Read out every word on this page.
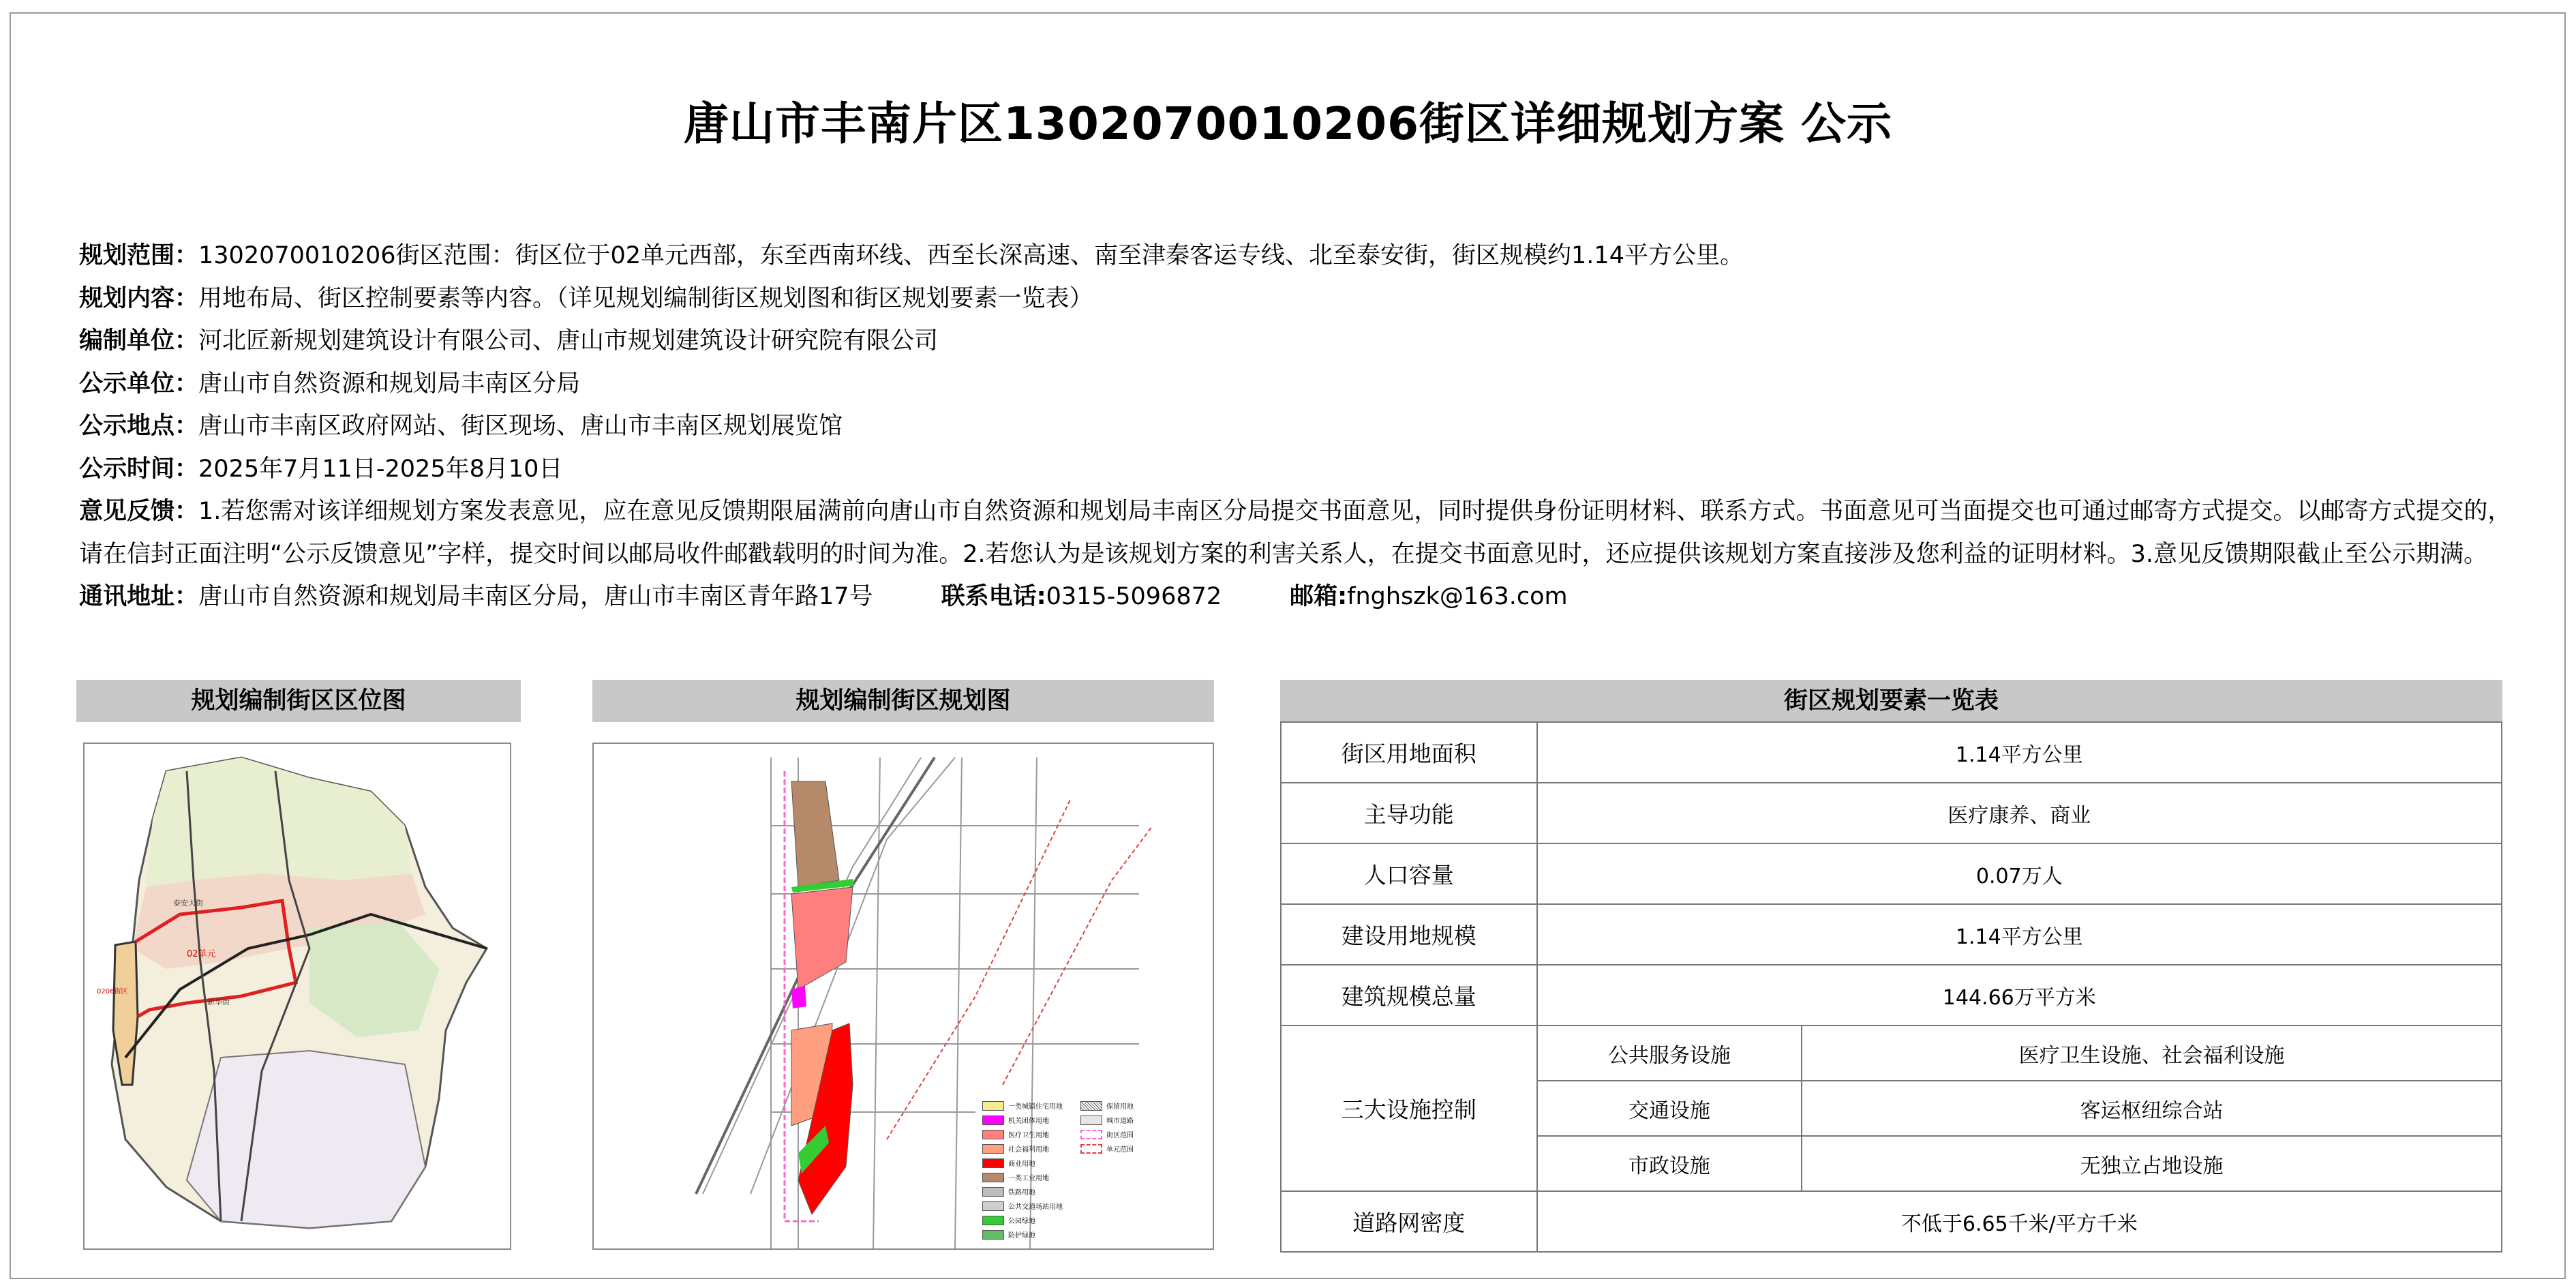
唐山市丰南片区1302070010206街区详细规划方案 公示
规划范围：1302070010206街区范围：街区位于02单元西部，东至西南环线、西至长深高速、南至津秦客运专线、北至泰安街，街区规模约1.14平方公里。
规划内容：用地布局、街区控制要素等内容。（详见规划编制街区规划图和街区规划要素一览表）
编制单位：河北匠新规划建筑设计有限公司、唐山市规划建筑设计研究院有限公司
公示单位：唐山市自然资源和规划局丰南区分局
公示地点：唐山市丰南区政府网站、街区现场、唐山市丰南区规划展览馆
公示时间：2025年7月11日-2025年8月10日
意见反馈：1.若您需对该详细规划方案发表意见，应在意见反馈期限届满前向唐山市自然资源和规划局丰南区分局提交书面意见，同时提供身份证明材料、联系方式。书面意见可当面提交也可通过邮寄方式提交。以邮寄方式提交的，
请在信封正面注明“公示反馈意见”字样，提交时间以邮局收件邮戳载明的时间为准。2.若您认为是该规划方案的利害关系人，在提交书面意见时，还应提供该规划方案直接涉及您利益的证明材料。3.意见反馈期限截止至公示期满。
通讯地址：唐山市自然资源和规划局丰南区分局，唐山市丰南区青年路17号	联系电话:0315-5096872	邮箱:fnghszk@163.com
规划编制街区区位图	规划编制街区规划图	街区规划要素一览表
02单元
泰安大街
新华街
0206街区
一类城镇住宅用地
机关团体用地
医疗卫生用地
社会福利用地
商业用地
一类工业用地
铁路用地
公共交通场站用地
公园绿地
防护绿地
保留用地
城市道路
街区范围
单元范围
街区用地面积	1.14平方公里	
主导功能	医疗康养、商业	
人口容量	0.07万人	
建设用地规模	1.14平方公里	
建筑规模总量	144.66万平方米	
三大设施控制	公共服务设施	医疗卫生设施、社会福利设施
	交通设施	客运枢纽综合站
	市政设施	无独立占地设施
道路网密度	不低于6.65千米/平方千米	
